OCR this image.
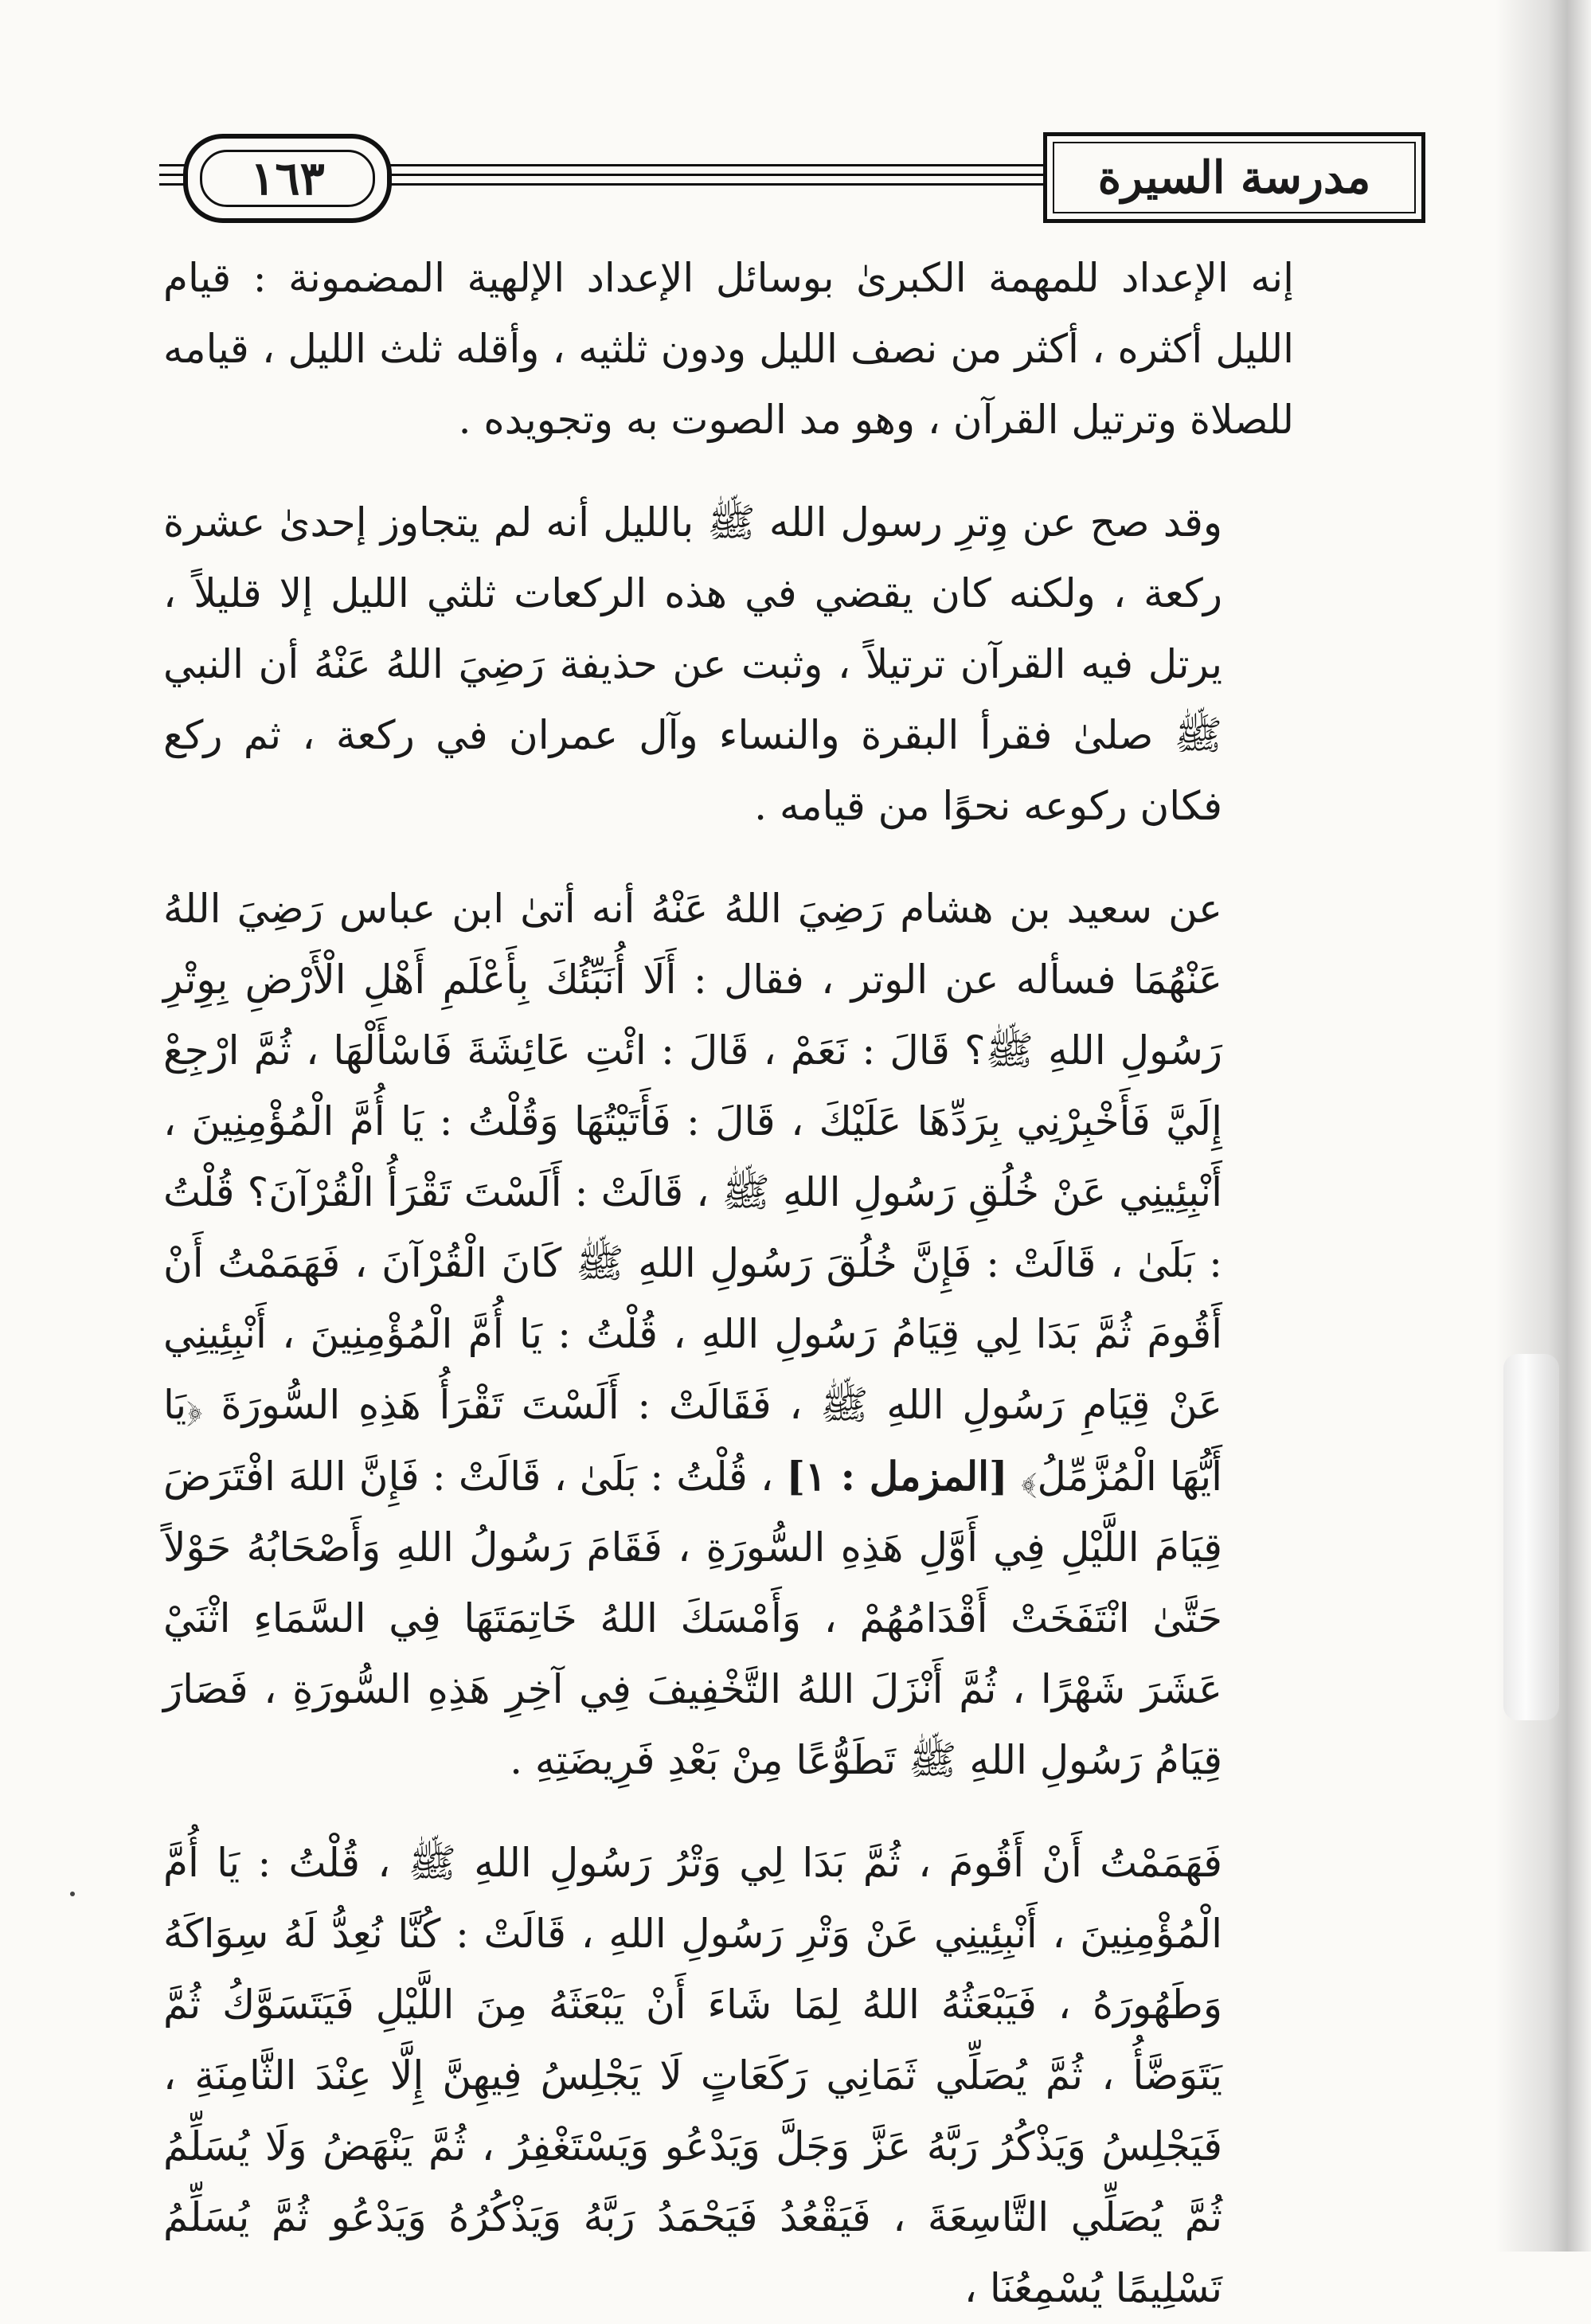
١٦٣	مدرسة السيرة

إنه الإعداد للمهمة الكبرىٰ بوسائل الإعداد الإلهية المضمونة : قيام الليل أكثره ، أكثر من نصف الليل ودون ثلثيه ، وأقله ثلث الليل ، قيامه للصلاة وترتيل القرآن ، وهو مد الصوت به وتجويده .

وقد صح عن وِترِ رسول الله ﷺ بالليل أنه لم يتجاوز إحدىٰ عشرة ركعة ، ولكنه كان يقضي في هذه الركعات ثلثي الليل إلا قليلاً ، يرتل فيه القرآن ترتيلاً ، وثبت عن حذيفة رَضِيَ اللهُ عَنْهُ أن النبي ﷺ صلىٰ فقرأ البقرة والنساء وآل عمران في ركعة ، ثم ركع فكان ركوعه نحوًا من قيامه .

عن سعيد بن هشام رَضِيَ اللهُ عَنْهُ أنه أتىٰ ابن عباس رَضِيَ اللهُ عَنْهُمَا فسأله عن الوتر ، فقال : أَلَا أُنَبِّئُكَ بِأَعْلَمِ أَهْلِ الْأَرْضِ بِوِتْرِ رَسُولِ اللهِ ﷺ؟ قَالَ : نَعَمْ ، قَالَ : ائْتِ عَائِشَةَ فَاسْأَلْهَا ، ثُمَّ ارْجِعْ إِلَيَّ فَأَخْبِرْنِي بِرَدِّهَا عَلَيْكَ ، قَالَ : فَأَتَيْتُهَا وَقُلْتُ : يَا أُمَّ الْمُؤْمِنِينَ ، أَنْبِئِينِي عَنْ خُلُقِ رَسُولِ اللهِ ﷺ ، قَالَتْ : أَلَسْتَ تَقْرَأُ الْقُرْآنَ؟ قُلْتُ : بَلَىٰ ، قَالَتْ : فَإِنَّ خُلُقَ رَسُولِ اللهِ ﷺ كَانَ الْقُرْآنَ ، فَهَمَمْتُ أَنْ أَقُومَ ثُمَّ بَدَا لِي قِيَامُ رَسُولِ اللهِ ، قُلْتُ : يَا أُمَّ الْمُؤْمِنِينَ ، أَنْبِئِينِي عَنْ قِيَامِ رَسُولِ اللهِ ﷺ ، فَقَالَتْ : أَلَسْتَ تَقْرَأُ هَذِهِ السُّورَةَ ﴿يَا أَيُّهَا الْمُزَّمِّلُ﴾ [المزمل : ١] ، قُلْتُ : بَلَىٰ ، قَالَتْ : فَإِنَّ اللهَ افْتَرَضَ قِيَامَ اللَّيْلِ فِي أَوَّلِ هَذِهِ السُّورَةِ ، فَقَامَ رَسُولُ اللهِ وَأَصْحَابُهُ حَوْلاً حَتَّىٰ انْتَفَخَتْ أَقْدَامُهُمْ ، وَأَمْسَكَ اللهُ خَاتِمَتَهَا فِي السَّمَاءِ اثْنَيْ عَشَرَ شَهْرًا ، ثُمَّ أَنْزَلَ اللهُ التَّخْفِيفَ فِي آخِرِ هَذِهِ السُّورَةِ ، فَصَارَ قِيَامُ رَسُولِ اللهِ ﷺ تَطَوُّعًا مِنْ بَعْدِ فَرِيضَتِهِ .

فَهَمَمْتُ أَنْ أَقُومَ ، ثُمَّ بَدَا لِي وَتْرُ رَسُولِ اللهِ ﷺ ، قُلْتُ : يَا أُمَّ الْمُؤْمِنِينَ ، أَنْبِئِينِي عَنْ وَتْرِ رَسُولِ اللهِ ، قَالَتْ : كُنَّا نُعِدُّ لَهُ سِوَاكَهُ وَطَهُورَهُ ، فَيَبْعَثُهُ اللهُ لِمَا شَاءَ أَنْ يَبْعَثَهُ مِنَ اللَّيْلِ فَيَتَسَوَّكُ ثُمَّ يَتَوَضَّأُ ، ثُمَّ يُصَلِّي ثَمَانِي رَكَعَاتٍ لَا يَجْلِسُ فِيهِنَّ إِلَّا عِنْدَ الثَّامِنَةِ ، فَيَجْلِسُ وَيَذْكُرُ رَبَّهُ عَزَّ وَجَلَّ وَيَدْعُو وَيَسْتَغْفِرُ ، ثُمَّ يَنْهَضُ وَلَا يُسَلِّمُ ثُمَّ يُصَلِّي التَّاسِعَةَ ، فَيَقْعُدُ فَيَحْمَدُ رَبَّهُ وَيَذْكُرُهُ وَيَدْعُو ثُمَّ يُسَلِّمُ تَسْلِيمًا يُسْمِعُنَا ،
